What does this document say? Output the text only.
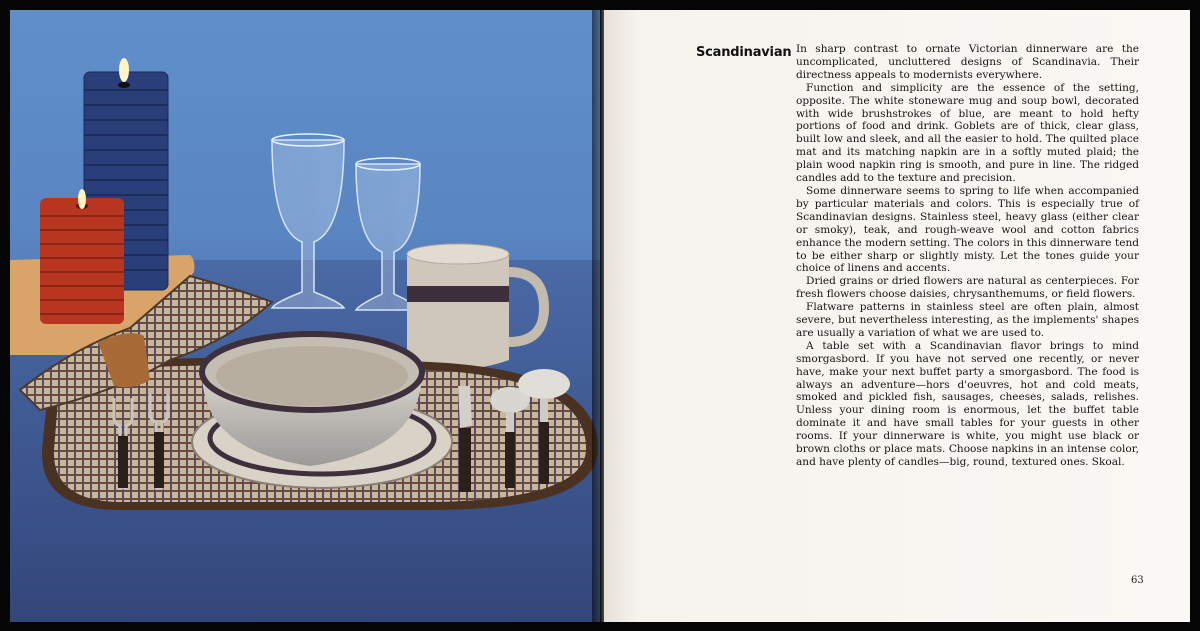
Scandinavian In sharp contrast to ornate Victorian dinnerware are the uncomplicated, uncluttered designs of Scandinavia. Their directness appeals to modernists everywhere.

Function and simplicity are the essence of the setting, opposite. The white stoneware mug and soup bowl, decorated with wide brushstrokes of blue, are meant to hold hefty portions of food and drink. Goblets are of thick, clear glass, built low and sleek, and all the easier to hold. The quilted place mat and its matching napkin are in a softly muted plaid; the plain wood napkin ring is smooth, and pure in line. The ridged candles add to the texture and precision.

Some dinnerware seems to spring to life when accompanied by particular materials and colors. This is especially true of Scandinavian designs. Stainless steel, heavy glass (either clear or smoky), teak, and rough-weave wool and cotton fabrics enhance the modern setting. The colors in this dinnerware tend to be either sharp or slightly misty. Let the tones guide your choice of linens and accents.

Dried grains or dried flowers are natural as centerpieces. For fresh flowers choose daisies, chrysanthemums, or field flowers.

Flatware patterns in stainless steel are often plain, almost severe, but nevertheless interesting, as the implements' shapes are usually a variation of what we are used to.

A table set with a Scandinavian flavor brings to mind smorgasbord. If you have not served one recently, or never have, make your next buffet party a smorgasbord. The food is always an adventure—hors d'oeuvres, hot and cold meats, smoked and pickled fish, sausages, cheeses, salads, relishes. Unless your dining room is enormous, let the buffet table dominate it and have small tables for your guests in other rooms. If your dinnerware is white, you might use black or brown cloths or place mats. Choose napkins in an intense color, and have plenty of candles—big, round, textured ones. Skoal.

63
